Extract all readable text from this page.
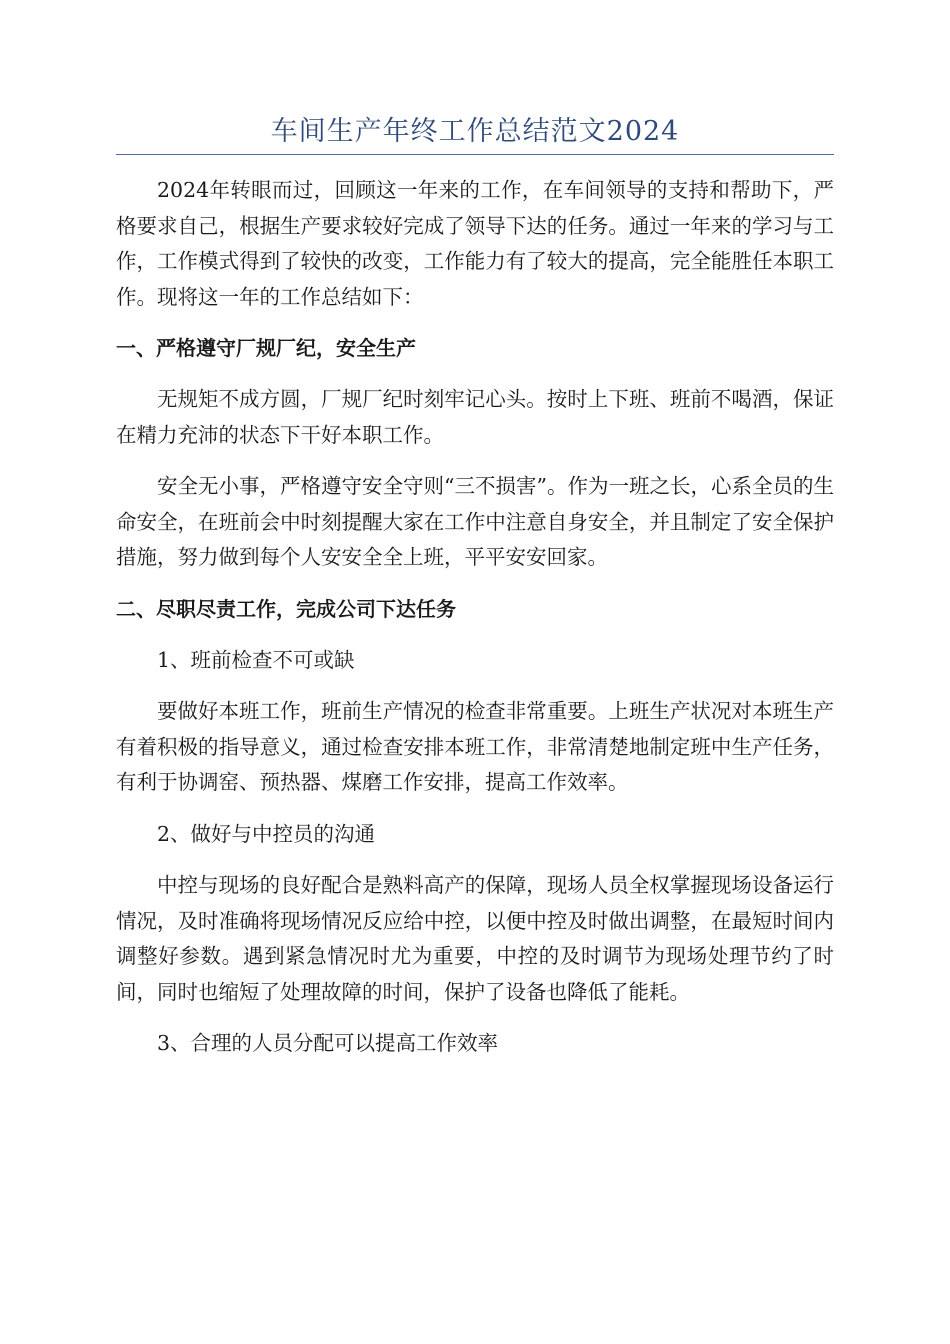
车间生产年终工作总结范文2024

2024年转眼而过，回顾这一年来的工作，在车间领导的支持和帮助下，严格要求自己，根据生产要求较好完成了领导下达的任务。通过一年来的学习与工作，工作模式得到了较快的改变，工作能力有了较大的提高，完全能胜任本职工作。现将这一年的工作总结如下：

一、严格遵守厂规厂纪，安全生产

无规矩不成方圆，厂规厂纪时刻牢记心头。按时上下班、班前不喝酒，保证在精力充沛的状态下干好本职工作。

安全无小事，严格遵守安全守则“三不损害”。作为一班之长，心系全员的生命安全，在班前会中时刻提醒大家在工作中注意自身安全，并且制定了安全保护措施，努力做到每个人安安全全上班，平平安安回家。

二、尽职尽责工作，完成公司下达任务

1、班前检查不可或缺

要做好本班工作，班前生产情况的检查非常重要。上班生产状况对本班生产有着积极的指导意义，通过检查安排本班工作，非常清楚地制定班中生产任务，有利于协调窑、预热器、煤磨工作安排，提高工作效率。

2、做好与中控员的沟通

中控与现场的良好配合是熟料高产的保障，现场人员全权掌握现场设备运行情况，及时准确将现场情况反应给中控，以便中控及时做出调整，在最短时间内调整好参数。遇到紧急情况时尤为重要，中控的及时调节为现场处理节约了时间，同时也缩短了处理故障的时间，保护了设备也降低了能耗。

3、合理的人员分配可以提高工作效率
